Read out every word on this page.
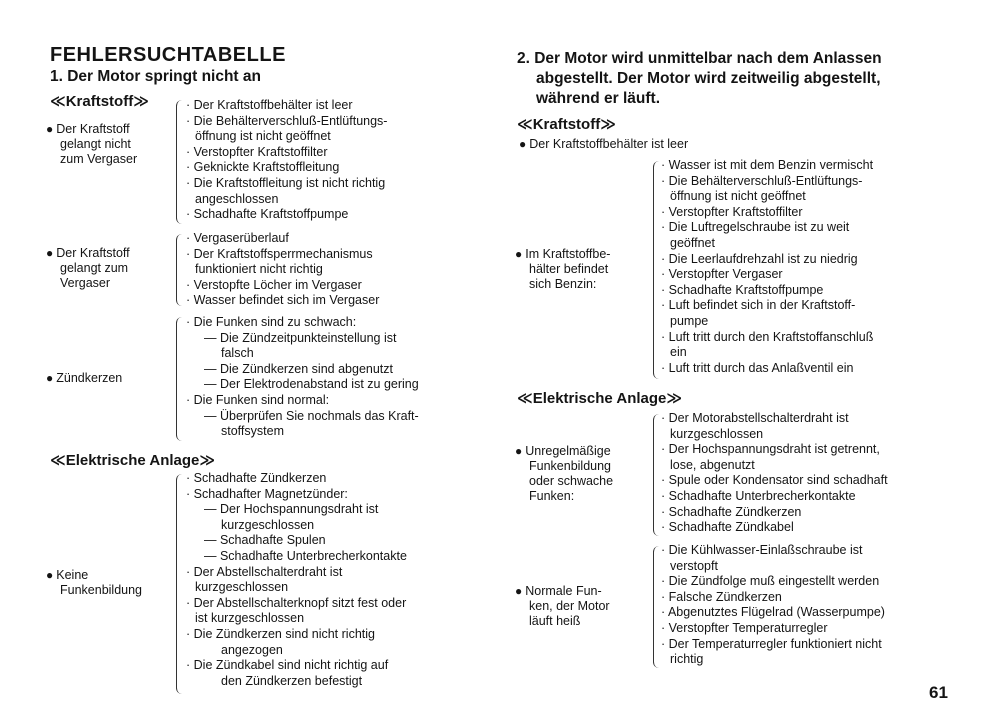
FEHLERSUCHTABELLE
1. Der Motor springt nicht an
≪Kraftstoff≫
● Der Kraftstoff
gelangt nicht
zum Vergaser
· Der Kraftstoffbehälter ist leer
· Die Behälterverschluß-Entlüftungs-
öffnung ist nicht geöffnet
· Verstopfter Kraftstoffilter
· Geknickte Kraftstoffleitung
· Die Kraftstoffleitung ist nicht richtig
angeschlossen
· Schadhafte Kraftstoffpumpe
● Der Kraftstoff
gelangt zum
Vergaser
· Vergaserüberlauf
· Der Kraftstoffsperrmechanismus
funktioniert nicht richtig
· Verstopfte Löcher im Vergaser
· Wasser befindet sich im Vergaser
● Zündkerzen
· Die Funken sind zu schwach:
— Die Zündzeitpunkteinstellung ist
falsch
— Die Zündkerzen sind abgenutzt
— Der Elektrodenabstand ist zu gering
· Die Funken sind normal:
— Überprüfen Sie nochmals das Kraft-
stoffsystem
≪Elektrische Anlage≫
● Keine
Funkenbildung
· Schadhafte Zündkerzen
· Schadhafter Magnetzünder:
— Der Hochspannungsdraht ist
kurzgeschlossen
— Schadhafte Spulen
— Schadhafte Unterbrecherkontakte
· Der Abstellschalterdraht ist
kurzgeschlossen
· Der Abstellschalterknopf sitzt fest oder
ist kurzgeschlossen
· Die Zündkerzen sind nicht richtig
angezogen
· Die Zündkabel sind nicht richtig auf
den Zündkerzen befestigt
2. Der Motor wird unmittelbar nach dem Anlassen
abgestellt. Der Motor wird zeitweilig abgestellt,
während er läuft.
≪Kraftstoff≫
● Der Kraftstoffbehälter ist leer
● Im Kraftstoffbe-
hälter befindet
sich Benzin:
· Wasser ist mit dem Benzin vermischt
· Die Behälterverschluß-Entlüftungs-
öffnung ist nicht geöffnet
· Verstopfter Kraftstoffilter
· Die Luftregelschraube ist zu weit
geöffnet
· Die Leerlaufdrehzahl ist zu niedrig
· Verstopfter Vergaser
· Schadhafte Kraftstoffpumpe
· Luft befindet sich in der Kraftstoff-
pumpe
· Luft tritt durch den Kraftstoffanschluß
ein
· Luft tritt durch das Anlaßventil ein
≪Elektrische Anlage≫
● Unregelmäßige
Funkenbildung
oder schwache
Funken:
· Der Motorabstellschalterdraht ist
kurzgeschlossen
· Der Hochspannungsdraht ist getrennt,
lose, abgenutzt
· Spule oder Kondensator sind schadhaft
· Schadhafte Unterbrecherkontakte
· Schadhafte Zündkerzen
· Schadhafte Zündkabel
● Normale Fun-
ken, der Motor
läuft heiß
· Die Kühlwasser-Einlaßschraube ist
verstopft
· Die Zündfolge muß eingestellt werden
· Falsche Zündkerzen
· Abgenutztes Flügelrad (Wasserpumpe)
· Verstopfter Temperaturregler
· Der Temperaturregler funktioniert nicht
richtig
61
